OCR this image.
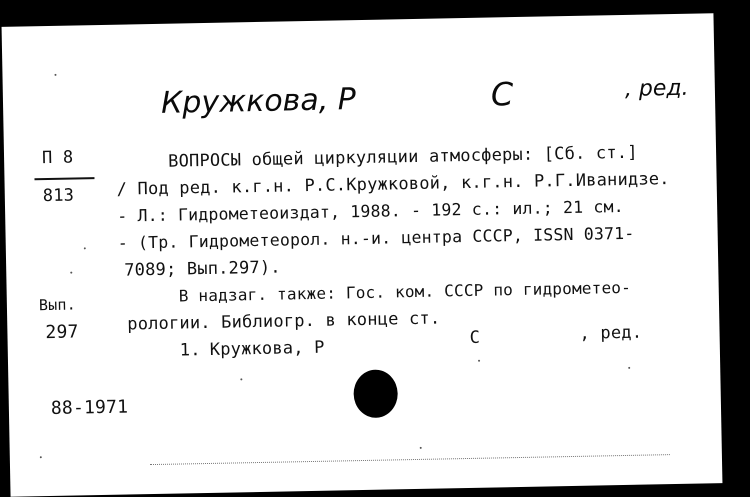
Кружкова, Р	С	, ред.
П 8
813
ВОПРОСЫ общей циркуляции атмосферы: [Сб. ст.]
/ Под ред. к.г.н. Р.С.Кружковой, к.г.н. Р.Г.Иванидзе.
- Л.: Гидрометеоиздат, 1988. - 192 с.: ил.; 21 см.
- (Тр. Гидрометеорол. н.-и. центра СССР, ISSN 0371-
7089; Вып.297).
В надзаг. также: Гос. ком. СССР по гидрометео-
рологии. Библиогр. в конце ст.
Вып.
297
1. Кружкова, Р	С	, ред.
88-1971
